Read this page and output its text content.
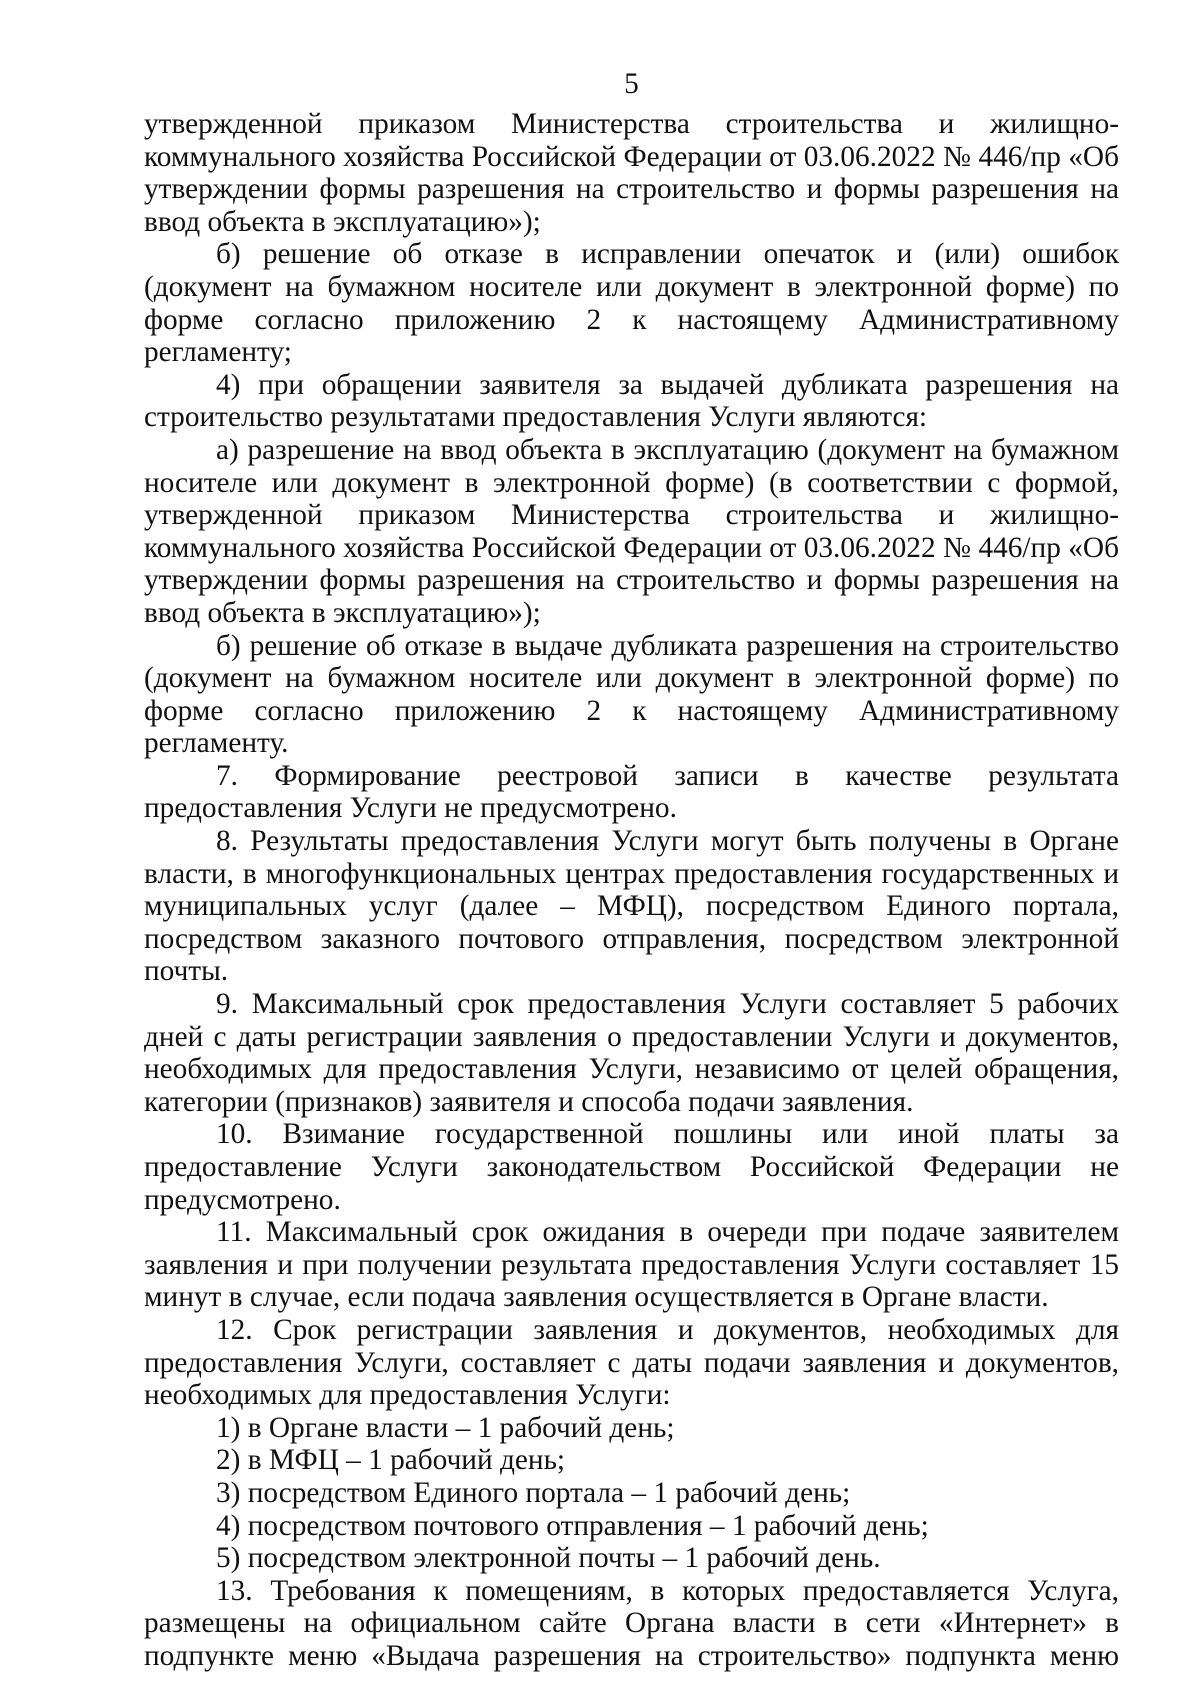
5

утвержденной приказом Министерства строительства и жилищно-коммунального хозяйства Российской Федерации от 03.06.2022 № 446/пр «Об утверждении формы разрешения на строительство и формы разрешения на ввод объекта в эксплуатацию»);

б) решение об отказе в исправлении опечаток и (или) ошибок (документ на бумажном носителе или документ в электронной форме) по форме согласно приложению 2 к настоящему Административному регламенту;

4) при обращении заявителя за выдачей дубликата разрешения на строительство результатами предоставления Услуги являются:

а) разрешение на ввод объекта в эксплуатацию (документ на бумажном носителе или документ в электронной форме) (в соответствии с формой, утвержденной приказом Министерства строительства и жилищно-коммунального хозяйства Российской Федерации от 03.06.2022 № 446/пр «Об утверждении формы разрешения на строительство и формы разрешения на ввод объекта в эксплуатацию»);

б) решение об отказе в выдаче дубликата разрешения на строительство (документ на бумажном носителе или документ в электронной форме) по форме согласно приложению 2 к настоящему Административному регламенту.

7. Формирование реестровой записи в качестве результата предоставления Услуги не предусмотрено.

8. Результаты предоставления Услуги могут быть получены в Органе власти, в многофункциональных центрах предоставления государственных и муниципальных услуг (далее – МФЦ), посредством Единого портала, посредством заказного почтового отправления, посредством электронной почты.

9. Максимальный срок предоставления Услуги составляет 5 рабочих дней с даты регистрации заявления о предоставлении Услуги и документов, необходимых для предоставления Услуги, независимо от целей обращения, категории (признаков) заявителя и способа подачи заявления.

10. Взимание государственной пошлины или иной платы за предоставление Услуги законодательством Российской Федерации не предусмотрено.

11. Максимальный срок ожидания в очереди при подаче заявителем заявления и при получении результата предоставления Услуги составляет 15 минут в случае, если подача заявления осуществляется в Органе власти.

12. Срок регистрации заявления и документов, необходимых для предоставления Услуги, составляет с даты подачи заявления и документов, необходимых для предоставления Услуги:

1) в Органе власти – 1 рабочий день;

2) в МФЦ – 1 рабочий день;

3) посредством Единого портала – 1 рабочий день;

4) посредством почтового отправления – 1 рабочий день;

5) посредством электронной почты – 1 рабочий день.

13. Требования к помещениям, в которых предоставляется Услуга, размещены на официальном сайте Органа власти в сети «Интернет» в подпункте меню «Выдача разрешения на строительство» подпункта меню
